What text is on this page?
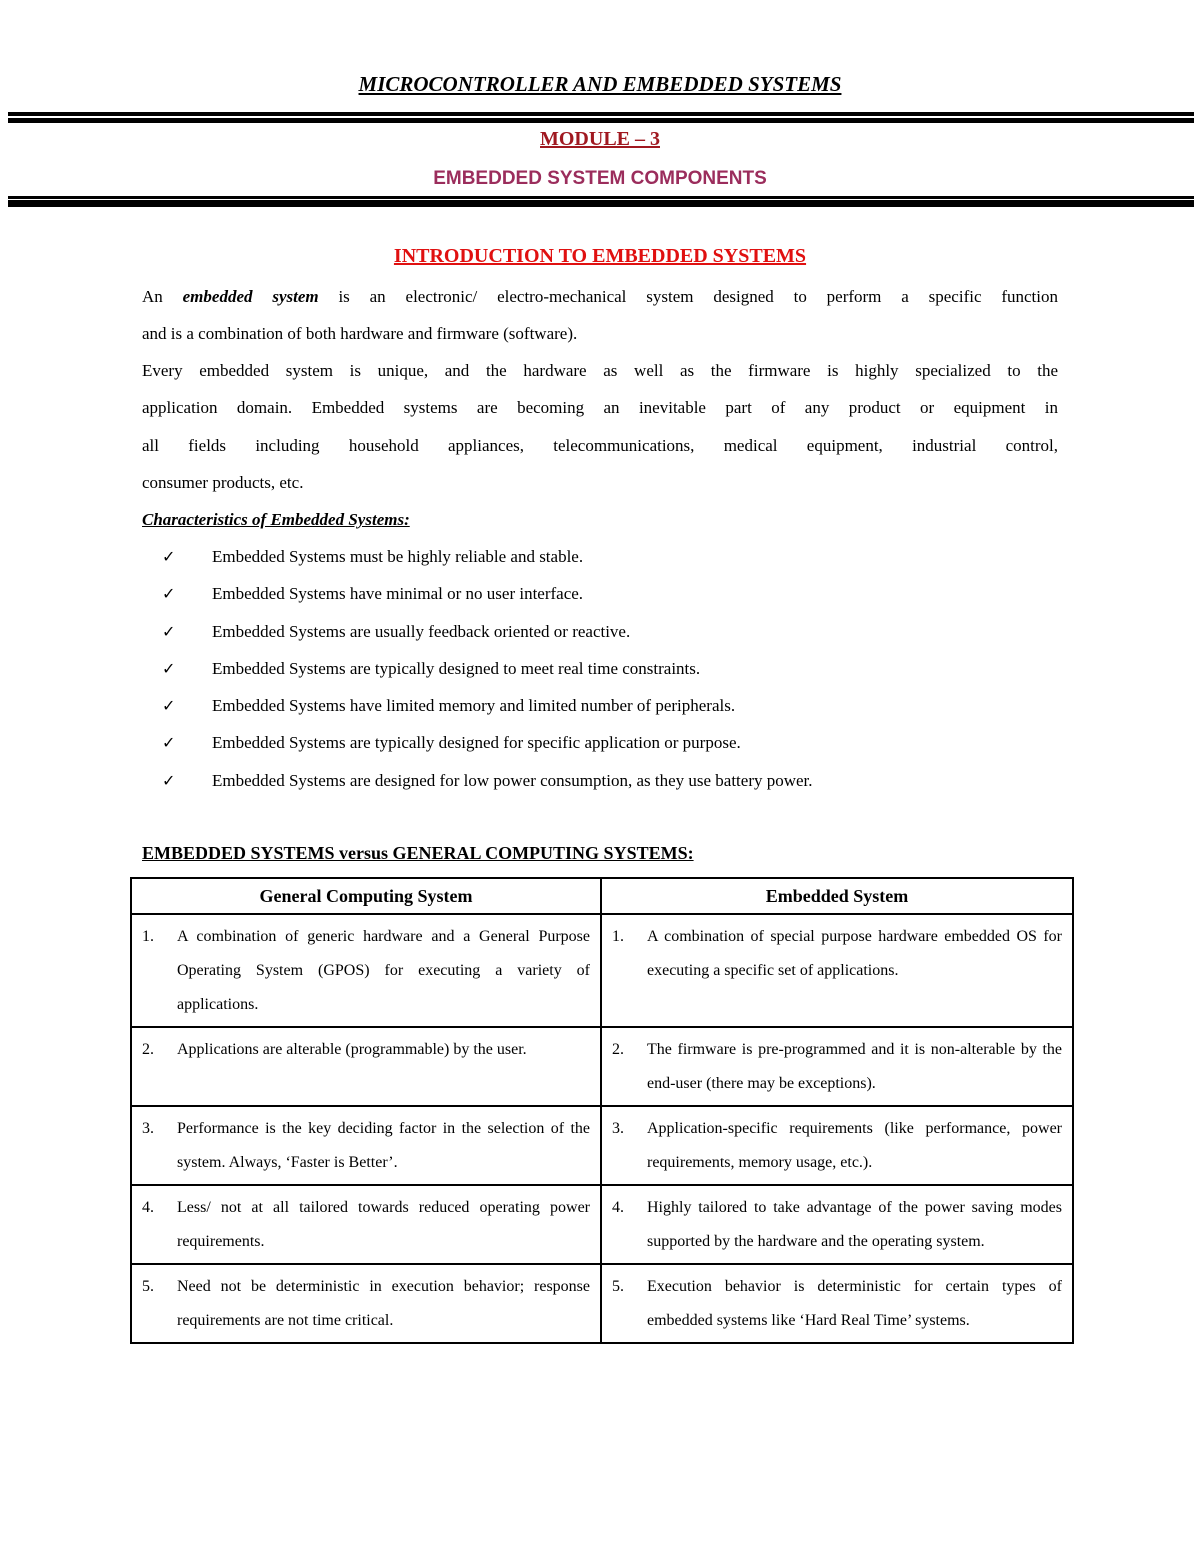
MICROCONTROLLER AND EMBEDDED SYSTEMS
MODULE – 3
EMBEDDED SYSTEM COMPONENTS
INTRODUCTION TO EMBEDDED SYSTEMS
An embedded system is an electronic/ electro-mechanical system designed to perform a specific function
and is a combination of both hardware and firmware (software).
Every embedded system is unique, and the hardware as well as the firmware is highly specialized to the
application domain. Embedded systems are becoming an inevitable part of any product or equipment in
all fields including household appliances, telecommunications, medical equipment, industrial control,
consumer products, etc.
Characteristics of Embedded Systems:
✓ Embedded Systems must be highly reliable and stable.
✓ Embedded Systems have minimal or no user interface.
✓ Embedded Systems are usually feedback oriented or reactive.
✓ Embedded Systems are typically designed to meet real time constraints.
✓ Embedded Systems have limited memory and limited number of peripherals.
✓ Embedded Systems are typically designed for specific application or purpose.
✓ Embedded Systems are designed for low power consumption, as they use battery power.
EMBEDDED SYSTEMS versus GENERAL COMPUTING SYSTEMS:
General Computing System	Embedded System

1. A combination of generic hardware and a General Purpose Operating System (GPOS) for executing a variety of applications.	1. A combination of special purpose hardware embedded OS for executing a specific set of applications.

2. Applications are alterable (programmable) by the user.	2. The firmware is pre-programmed and it is non-alterable by the end-user (there may be exceptions).

3. Performance is the key deciding factor in the selection of the system. Always, ‘Faster is Better’.	3. Application-specific requirements (like performance, power requirements, memory usage, etc.).

4. Less/ not at all tailored towards reduced operating power requirements.	4. Highly tailored to take advantage of the power saving modes supported by the hardware and the operating system.

5. Need not be deterministic in execution behavior; response requirements are not time critical.	5. Execution behavior is deterministic for certain types of embedded systems like ‘Hard Real Time’ systems.
